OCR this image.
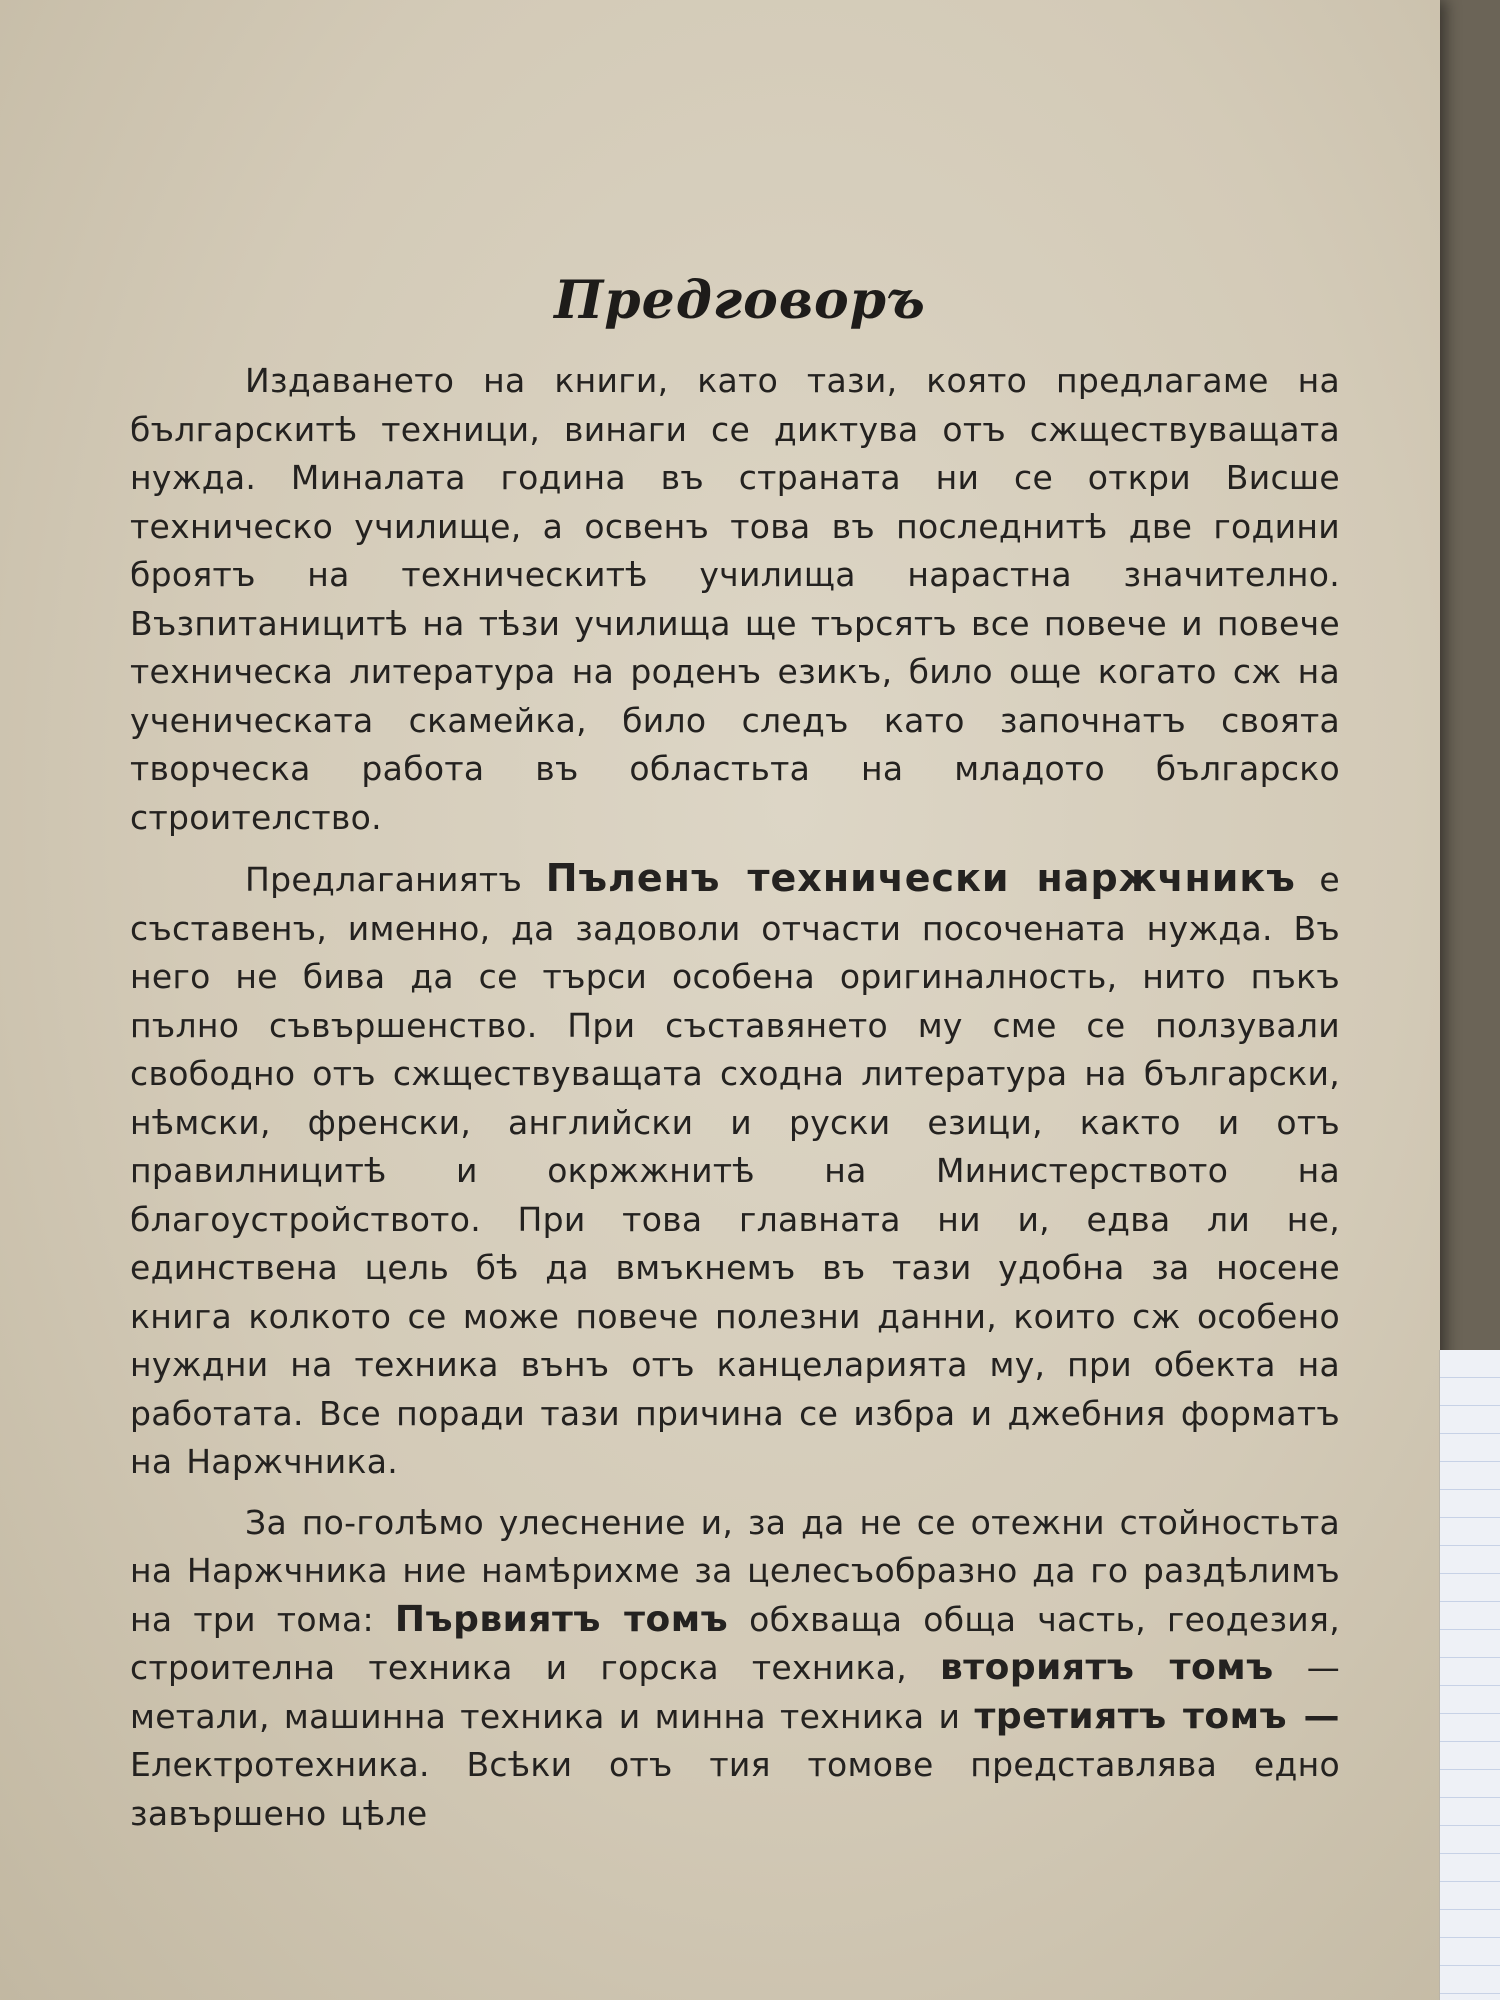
Предговоръ

Издаването на книги, като тази, която предлагаме на българскитѣ техници, винаги се диктува отъ сжществуващата нужда. Миналата година въ страната ни се откри Висше техническо училище, а освенъ това въ последнитѣ две години броятъ на техническитѣ училища нарастна значително. Възпитаницитѣ на тѣзи училища ще търсятъ все повече и повече техническа литература на роденъ езикъ, било още когато сж на ученическата скамейка, било следъ като започнатъ своята творческа работа въ областьта на младото българско строителство.

Предлаганиятъ Пъленъ технически наржчникъ е съставенъ, именно, да задоволи отчасти посочената нужда. Въ него не бива да се търси особена оригиналность, нито пъкъ пълно съвършенство. При съставянето му сме се ползували свободно отъ сжществуващата сходна литература на български, нѣмски, френски, английски и руски езици, както и отъ правилницитѣ и окржжнитѣ на Министерството на благоустройството. При това главната ни и, едва ли не, единствена цель бѣ да вмъкнемъ въ тази удобна за носене книга колкото се може повече полезни данни, които сж особено нуждни на техника вънъ отъ канцеларията му, при обекта на работата. Все поради тази причина се избра и джебния форматъ на Наржчника.

За по-голѣмо улеснение и, за да не се отежни стойностьта на Наржчника ние намѣрихме за целесъобразно да го раздѣлимъ на три тома: Първиятъ томъ обхваща обща часть, геодезия, строителна техника и горска техника, вториятъ томъ — метали, машинна техника и минна техника и третиятъ томъ — Електротехника. Всѣки отъ тия томове представлява едно завършено цѣле
